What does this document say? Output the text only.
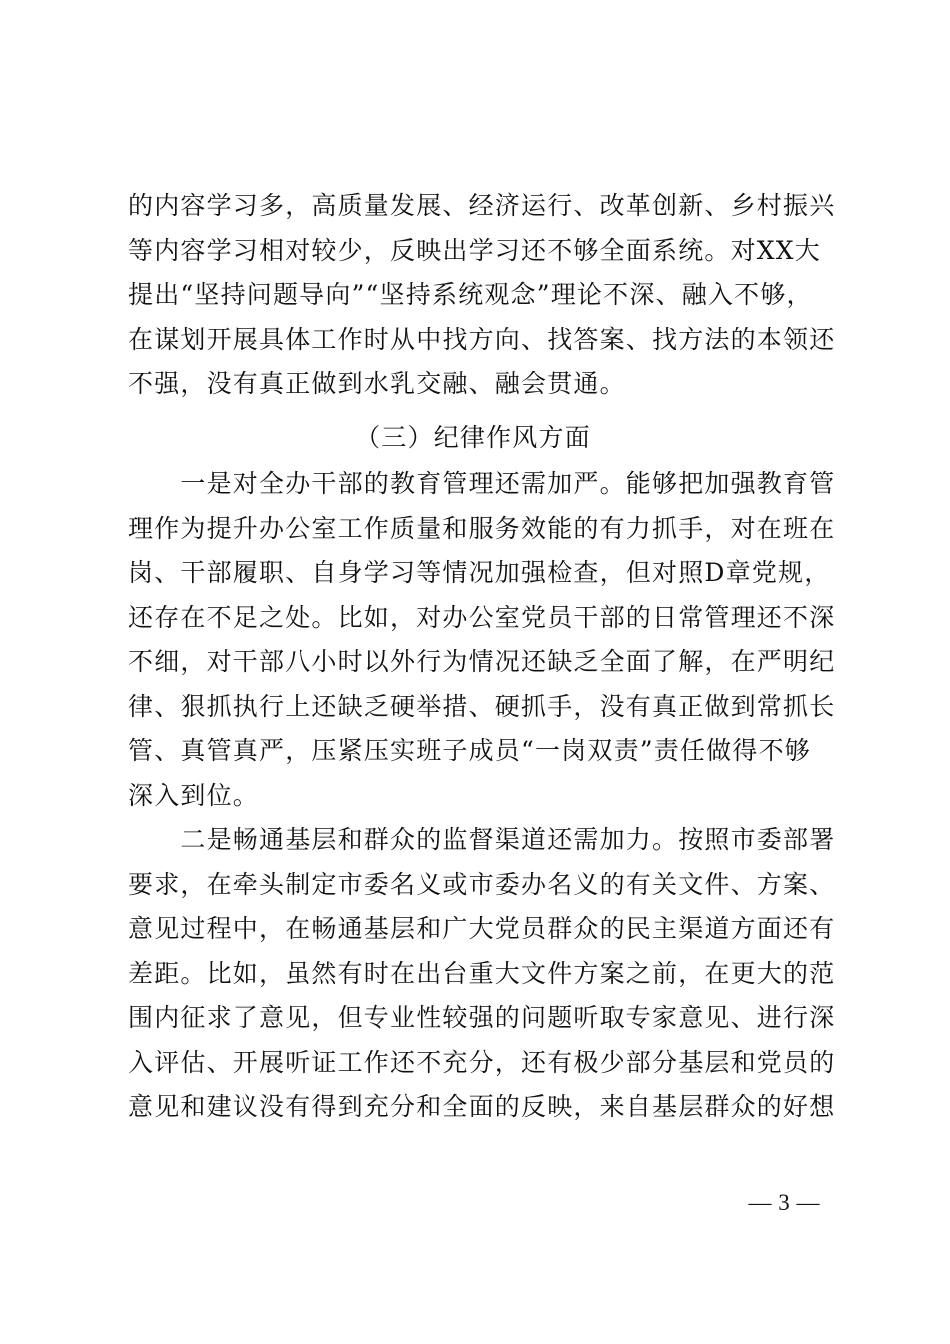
的内容学习多，高质量发展、经济运行、改革创新、乡村振兴
等内容学习相对较少，反映出学习还不够全面系统。对XX大
提出“坚持问题导向”“坚持系统观念”理论不深、融入不够，
在谋划开展具体工作时从中找方向、找答案、找方法的本领还
不强，没有真正做到水乳交融、融会贯通。
（三）纪律作风方面
　　一是对全办干部的教育管理还需加严。能够把加强教育管
理作为提升办公室工作质量和服务效能的有力抓手，对在班在
岗、干部履职、自身学习等情况加强检查，但对照D章党规，
还存在不足之处。比如，对办公室党员干部的日常管理还不深
不细，对干部八小时以外行为情况还缺乏全面了解，在严明纪
律、狠抓执行上还缺乏硬举措、硬抓手，没有真正做到常抓长
管、真管真严，压紧压实班子成员“一岗双责”责任做得不够
深入到位。
　　二是畅通基层和群众的监督渠道还需加力。按照市委部署
要求，在牵头制定市委名义或市委办名义的有关文件、方案、
意见过程中，在畅通基层和广大党员群众的民主渠道方面还有
差距。比如，虽然有时在出台重大文件方案之前，在更大的范
围内征求了意见，但专业性较强的问题听取专家意见、进行深
入评估、开展听证工作还不充分，还有极少部分基层和党员的
意见和建议没有得到充分和全面的反映，来自基层群众的好想
— 3 —
